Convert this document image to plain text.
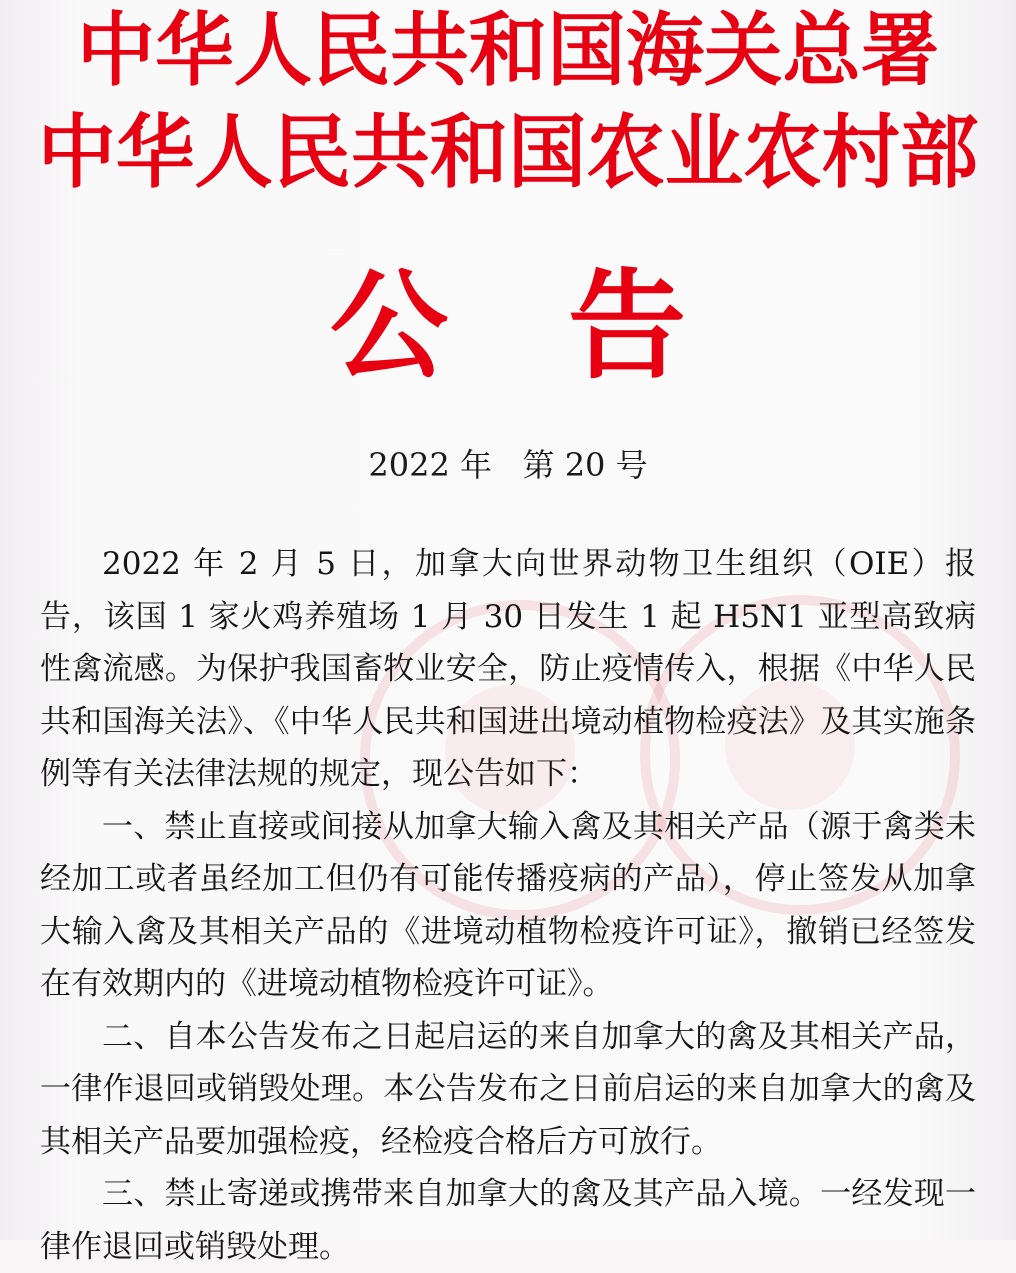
中华人民共和国海关总署
中华人民共和国农业农村部
公告
2022 年   第 20 号

2022 年 2 月 5 日，加拿大向世界动物卫生组织（OIE）报告，该国 1 家火鸡养殖场 1 月 30 日发生 1 起 H5N1 亚型高致病性禽流感。为保护我国畜牧业安全，防止疫情传入，根据《中华人民共和国海关法》、《中华人民共和国进出境动植物检疫法》及其实施条例等有关法律法规的规定，现公告如下：

一、禁止直接或间接从加拿大输入禽及其相关产品（源于禽类未经加工或者虽经加工但仍有可能传播疫病的产品），停止签发从加拿大输入禽及其相关产品的《进境动植物检疫许可证》，撤销已经签发在有效期内的《进境动植物检疫许可证》。

二、自本公告发布之日起启运的来自加拿大的禽及其相关产品，一律作退回或销毁处理。本公告发布之日前启运的来自加拿大的禽及其相关产品要加强检疫，经检疫合格后方可放行。

三、禁止寄递或携带来自加拿大的禽及其产品入境。一经发现一律作退回或销毁处理。
